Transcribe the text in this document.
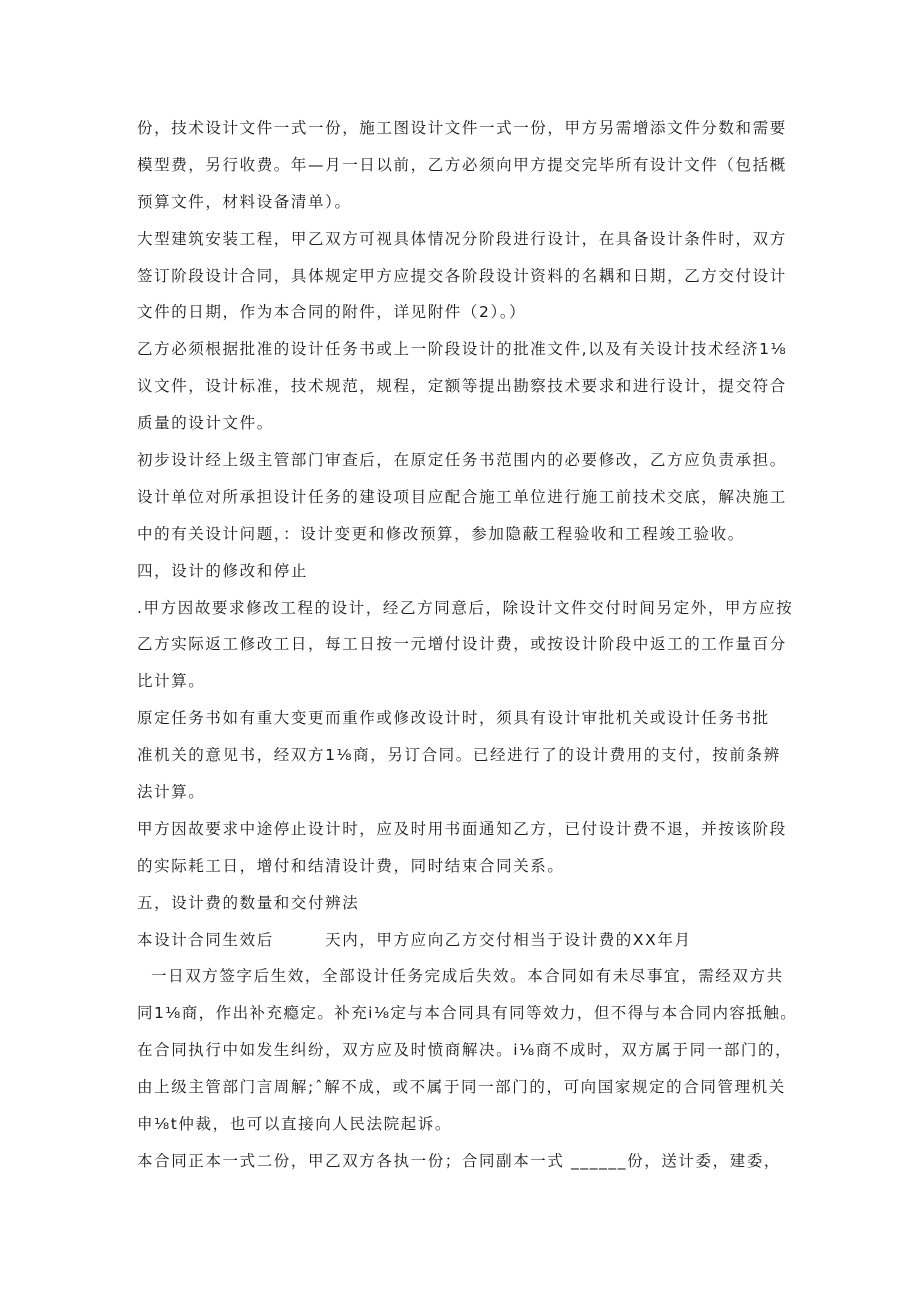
份，技术设计文件一式一份，施工图设计文件一式一份，甲方另需增添文件分数和需要
模型费，另行收费。年—月一日以前，乙方必须向甲方提交完毕所有设计文件（包括概
预算文件，材料设备清单）。
大型建筑安装工程，甲乙双方可视具体情况分阶段进行设计，在具备设计条件时，双方
签订阶段设计合同，具体规定甲方应提交各阶段设计资料的名耦和日期，乙方交付设计
文件的日期，作为本合同的附件，详见附件（2）。）
乙方必须根据批准的设计任务书或上一阶段设计的批准文件,以及有关设计技术经济1⅛
议文件，设计标准，技术规范，规程，定额等提出勘察技术要求和进行设计，提交符合
质量的设计文件。
初步设计经上级主管部门审查后，在原定任务书范围内的必要修改，乙方应负责承担。
设计单位对所承担设计任务的建设项目应配合施工单位进行施工前技术交底，解决施工
中的有关设计问题，：设计变更和修改预算，参加隐蔽工程验收和工程竣工验收。
四，设计的修改和停止
.甲方因故要求修改工程的设计，经乙方同意后，除设计文件交付时间另定外，甲方应按
乙方实际返工修改工日，每工日按一元增付设计费，或按设计阶段中返工的工作量百分
比计算。
原定任务书如有重大变更而重作或修改设计时，须具有设计审批机关或设计任务书批
准机关的意见书，经双方1⅛商，另订合同。已经进行了的设计费用的支付，按前条辨
法计算。
甲方因故要求中途停止设计时，应及时用书面通知乙方，已付设计费不退，并按该阶段
的实际耗工日，增付和结清设计费，同时结束合同关系。
五，设计费的数量和交付辨法
本设计合同生效后　　　天内，甲方应向乙方交付相当于设计费的XX年月
一日双方签字后生效，全部设计任务完成后失效。本合同如有未尽事宜，需经双方共
同1⅛商，作出补充瘾定。补充i⅛定与本合同具有同等效力，但不得与本合同内容抵触。
在合同执行中如发生纠纷，双方应及时愤商解决。i⅛商不成时，双方属于同一部门的，
由上级主管部门言周解;ˆ解不成，或不属于同一部门的，可向国家规定的合同管理机关
申⅛t仲裁，也可以直接向人民法院起诉。
本合同正本一式二份，甲乙双方各执一份；合同副本一式 ______份，送计委，建委，
